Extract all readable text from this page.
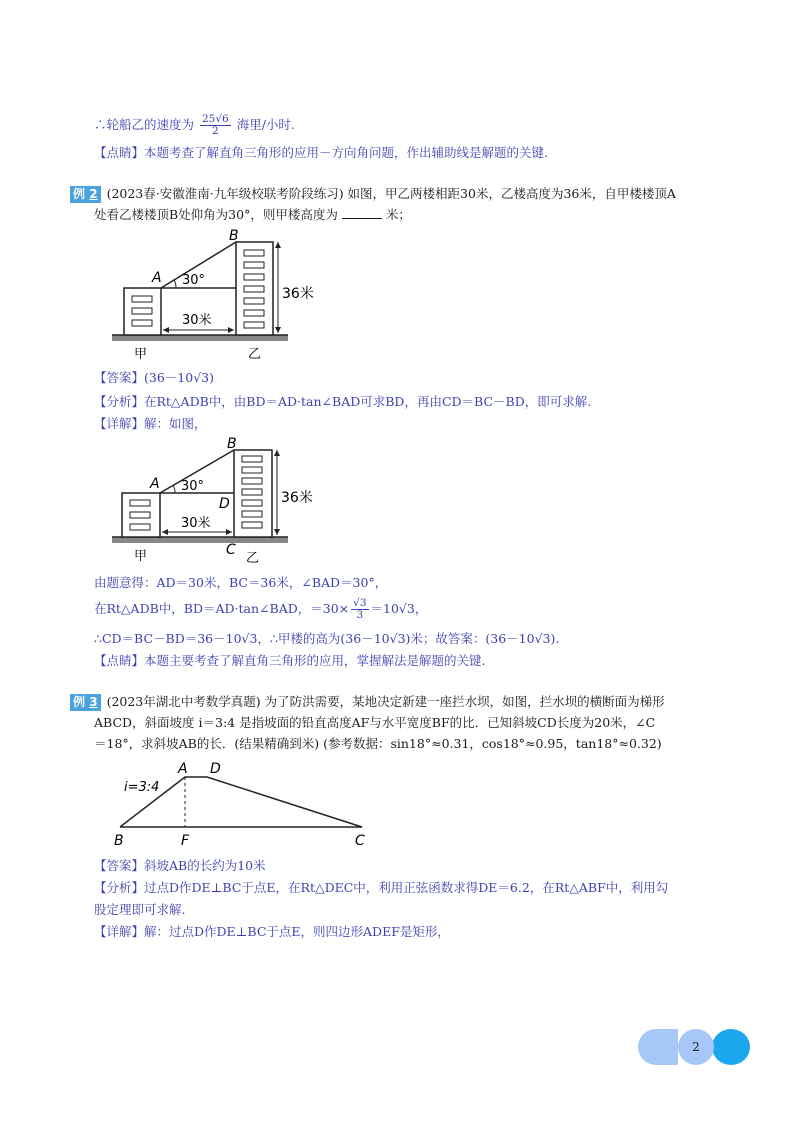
∴轮船乙的速度为 $\frac{25√6}{2}$ 海里/小时.
【点睛】本题考查了解直角三角形的应用－方向角问题，作出辅助线是解题的关键.
例 2 (2023春·安徽淮南·九年级校联考阶段练习) 如图，甲乙两楼相距30米，乙楼高度为36米，自甲楼楼顶A
处看乙楼楼顶B处仰角为30°，则甲楼高度为	米；
A
B
30°
30米
36米
甲	乙
【答案】(36－10√3)
【分析】在Rt△ADB中，由BD＝AD·tan∠BAD可求BD，再由CD＝BC－BD，即可求解.
【详解】解：如图，
A
B
D
C
30°
30米
36米
甲	乙
由题意得：AD＝30米，BC＝36米，∠BAD＝30°，
在Rt△ADB中，BD＝AD·tan∠BAD，$=30\times \frac{√3}{3} =10√3$，
∴CD＝BC－BD＝36－10√3，∴甲楼的高为(36－10√3)米；故答案：(36－10√3).
【点睛】本题主要考查了解直角三角形的应用，掌握解法是解题的关键.
例 3 (2023年湖北中考数学真题) 为了防洪需要，某地决定新建一座拦水坝，如图，拦水坝的横断面为梯形
ABCD，斜面坡度 i＝3:4 是指坡面的铅直高度AF与水平宽度BF的比．已知斜坡CD长度为20米，∠C
＝18°，求斜坡AB的长．(结果精确到米) (参考数据：sin18°≈0.31，cos18°≈0.95，tan18°≈0.32)
A D
i=3:4
B	F	C
【答案】斜坡AB的长约为10米
【分析】过点D作DE⊥BC于点E，在Rt△DEC中，利用正弦函数求得DE＝6.2，在Rt△ABF中，利用勾
股定理即可求解.
【详解】解：过点D作DE⊥BC于点E，则四边形ADEF是矩形，
2
